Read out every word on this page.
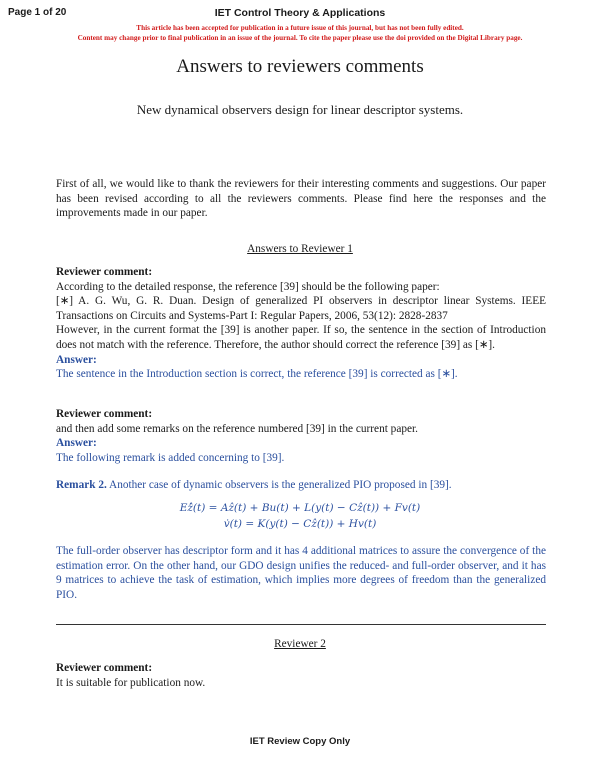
Page 1 of 20	IET Control Theory & Applications
This article has been accepted for publication in a future issue of this journal, but has not been fully edited.
Content may change prior to final publication in an issue of the journal. To cite the paper please use the doi provided on the Digital Library page.
Answers to reviewers comments
New dynamical observers design for linear descriptor systems.
First of all, we would like to thank the reviewers for their interesting comments and suggestions. Our paper has been revised according to all the reviewers comments. Please find here the responses and the improvements made in our paper.
Answers to Reviewer 1

Reviewer comment:

According to the detailed response, the reference [39] should be the following paper:

[∗] A. G. Wu, G. R. Duan. Design of generalized PI observers in descriptor linear Systems. IEEE Transactions on Circuits and Systems-Part I: Regular Papers, 2006, 53(12): 2828-2837

However, in the current format the [39] is another paper. If so, the sentence in the section of Introduction does not match with the reference. Therefore, the author should correct the reference [39] as [∗].

Answer:

The sentence in the Introduction section is correct, the reference [39] is corrected as [∗].

Reviewer comment:

and then add some remarks on the reference numbered [39] in the current paper.

Answer:

The following remark is added concerning to [39].

Remark 2. Another case of dynamic observers is the generalized PIO proposed in [39].
Eẑ̇(t) = Aẑ(t) + Bu(t) + L(y(t) − Cẑ(t)) + Fv(t)
v̇(t) = K(y(t) − Cẑ(t)) + Hv(t)
The full-order observer has descriptor form and it has 4 additional matrices to assure the convergence of the estimation error. On the other hand, our GDO design unifies the reduced- and full-order observer, and it has 9 matrices to achieve the task of estimation, which implies more degrees of freedom than the generalized PIO.
Reviewer 2

Reviewer comment:

It is suitable for publication now.

IET Review Copy Only
